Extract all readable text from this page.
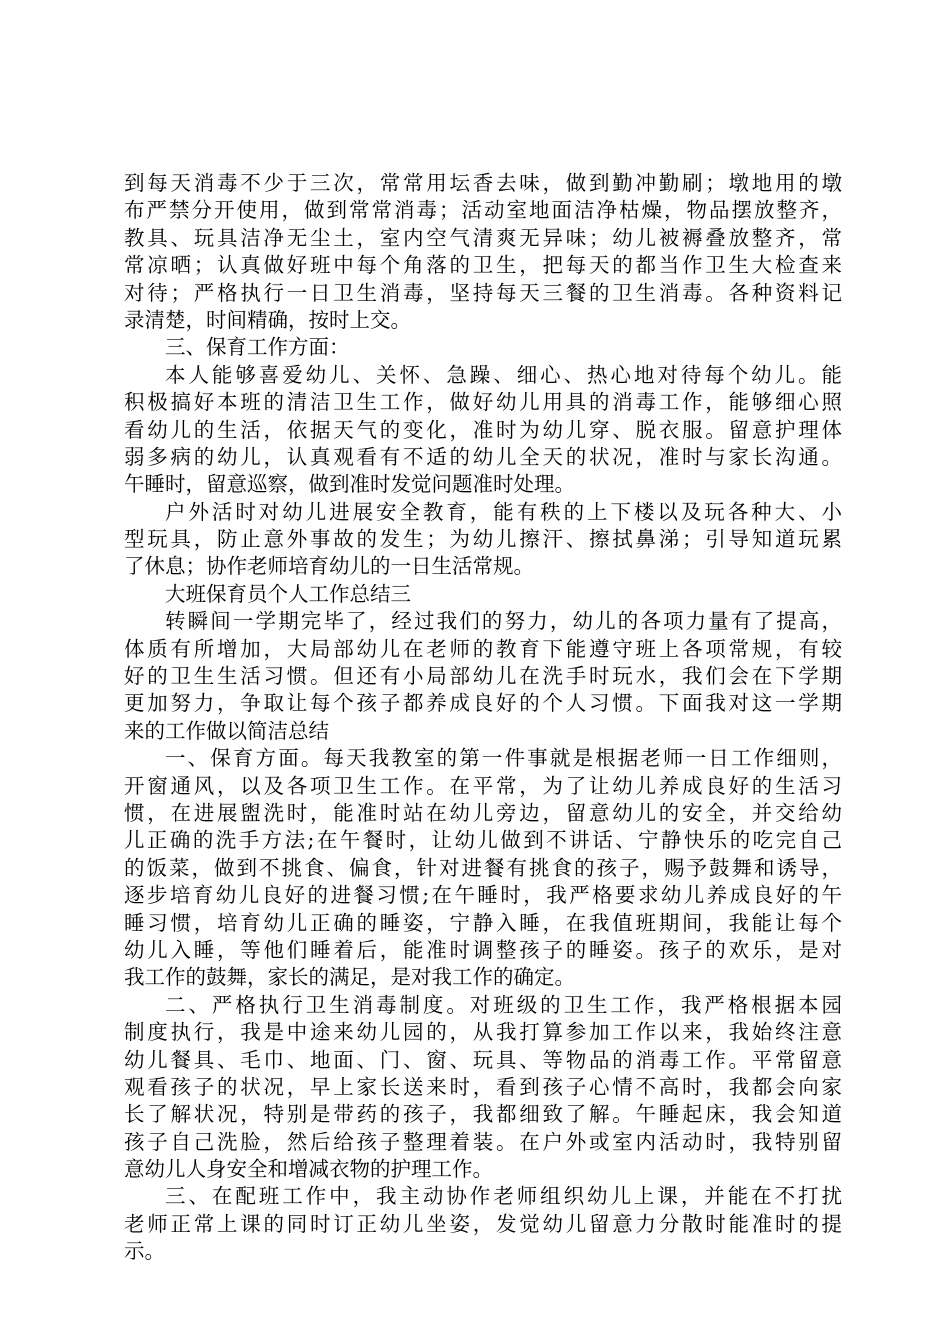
到每天消毒不少于三次，常常用坛香去味，做到勤冲勤刷；墩地用的墩
布严禁分开使用，做到常常消毒；活动室地面洁净枯燥，物品摆放整齐，
教具、玩具洁净无尘土，室内空气清爽无异味；幼儿被褥叠放整齐，常
常凉晒；认真做好班中每个角落的卫生，把每天的都当作卫生大检查来
对待；严格执行一日卫生消毒，坚持每天三餐的卫生消毒。各种资料记
录清楚，时间精确，按时上交。
三、保育工作方面：
本人能够喜爱幼儿、关怀、急躁、细心、热心地对待每个幼儿。能
积极搞好本班的清洁卫生工作，做好幼儿用具的消毒工作，能够细心照
看幼儿的生活，依据天气的变化，准时为幼儿穿、脱衣服。留意护理体
弱多病的幼儿，认真观看有不适的幼儿全天的状况，准时与家长沟通。
午睡时，留意巡察，做到准时发觉问题准时处理。
户外活时对幼儿进展安全教育，能有秩的上下楼以及玩各种大、小
型玩具，防止意外事故的发生；为幼儿擦汗、擦拭鼻涕；引导知道玩累
了休息；协作老师培育幼儿的一日生活常规。
大班保育员个人工作总结三
转瞬间一学期完毕了，经过我们的努力，幼儿的各项力量有了提高，
体质有所增加，大局部幼儿在老师的教育下能遵守班上各项常规，有较
好的卫生生活习惯。但还有小局部幼儿在洗手时玩水，我们会在下学期
更加努力，争取让每个孩子都养成良好的个人习惯。下面我对这一学期
来的工作做以简洁总结
一、保育方面。每天我教室的第一件事就是根据老师一日工作细则，
开窗通风，以及各项卫生工作。在平常，为了让幼儿养成良好的生活习
惯，在进展盥洗时，能准时站在幼儿旁边，留意幼儿的安全，并交给幼
儿正确的洗手方法;在午餐时，让幼儿做到不讲话、宁静快乐的吃完自己
的饭菜，做到不挑食、偏食，针对进餐有挑食的孩子，赐予鼓舞和诱导，
逐步培育幼儿良好的进餐习惯;在午睡时，我严格要求幼儿养成良好的午
睡习惯，培育幼儿正确的睡姿，宁静入睡，在我值班期间，我能让每个
幼儿入睡，等他们睡着后，能准时调整孩子的睡姿。孩子的欢乐，是对
我工作的鼓舞，家长的满足，是对我工作的确定。
二、严格执行卫生消毒制度。对班级的卫生工作，我严格根据本园
制度执行，我是中途来幼儿园的，从我打算参加工作以来，我始终注意
幼儿餐具、毛巾、地面、门、窗、玩具、等物品的消毒工作。平常留意
观看孩子的状况，早上家长送来时，看到孩子心情不高时，我都会向家
长了解状况，特别是带药的孩子，我都细致了解。午睡起床，我会知道
孩子自己洗脸，然后给孩子整理着装。在户外或室内活动时，我特别留
意幼儿人身安全和增减衣物的护理工作。
三、在配班工作中，我主动协作老师组织幼儿上课，并能在不打扰
老师正常上课的同时订正幼儿坐姿，发觉幼儿留意力分散时能准时的提
示。
